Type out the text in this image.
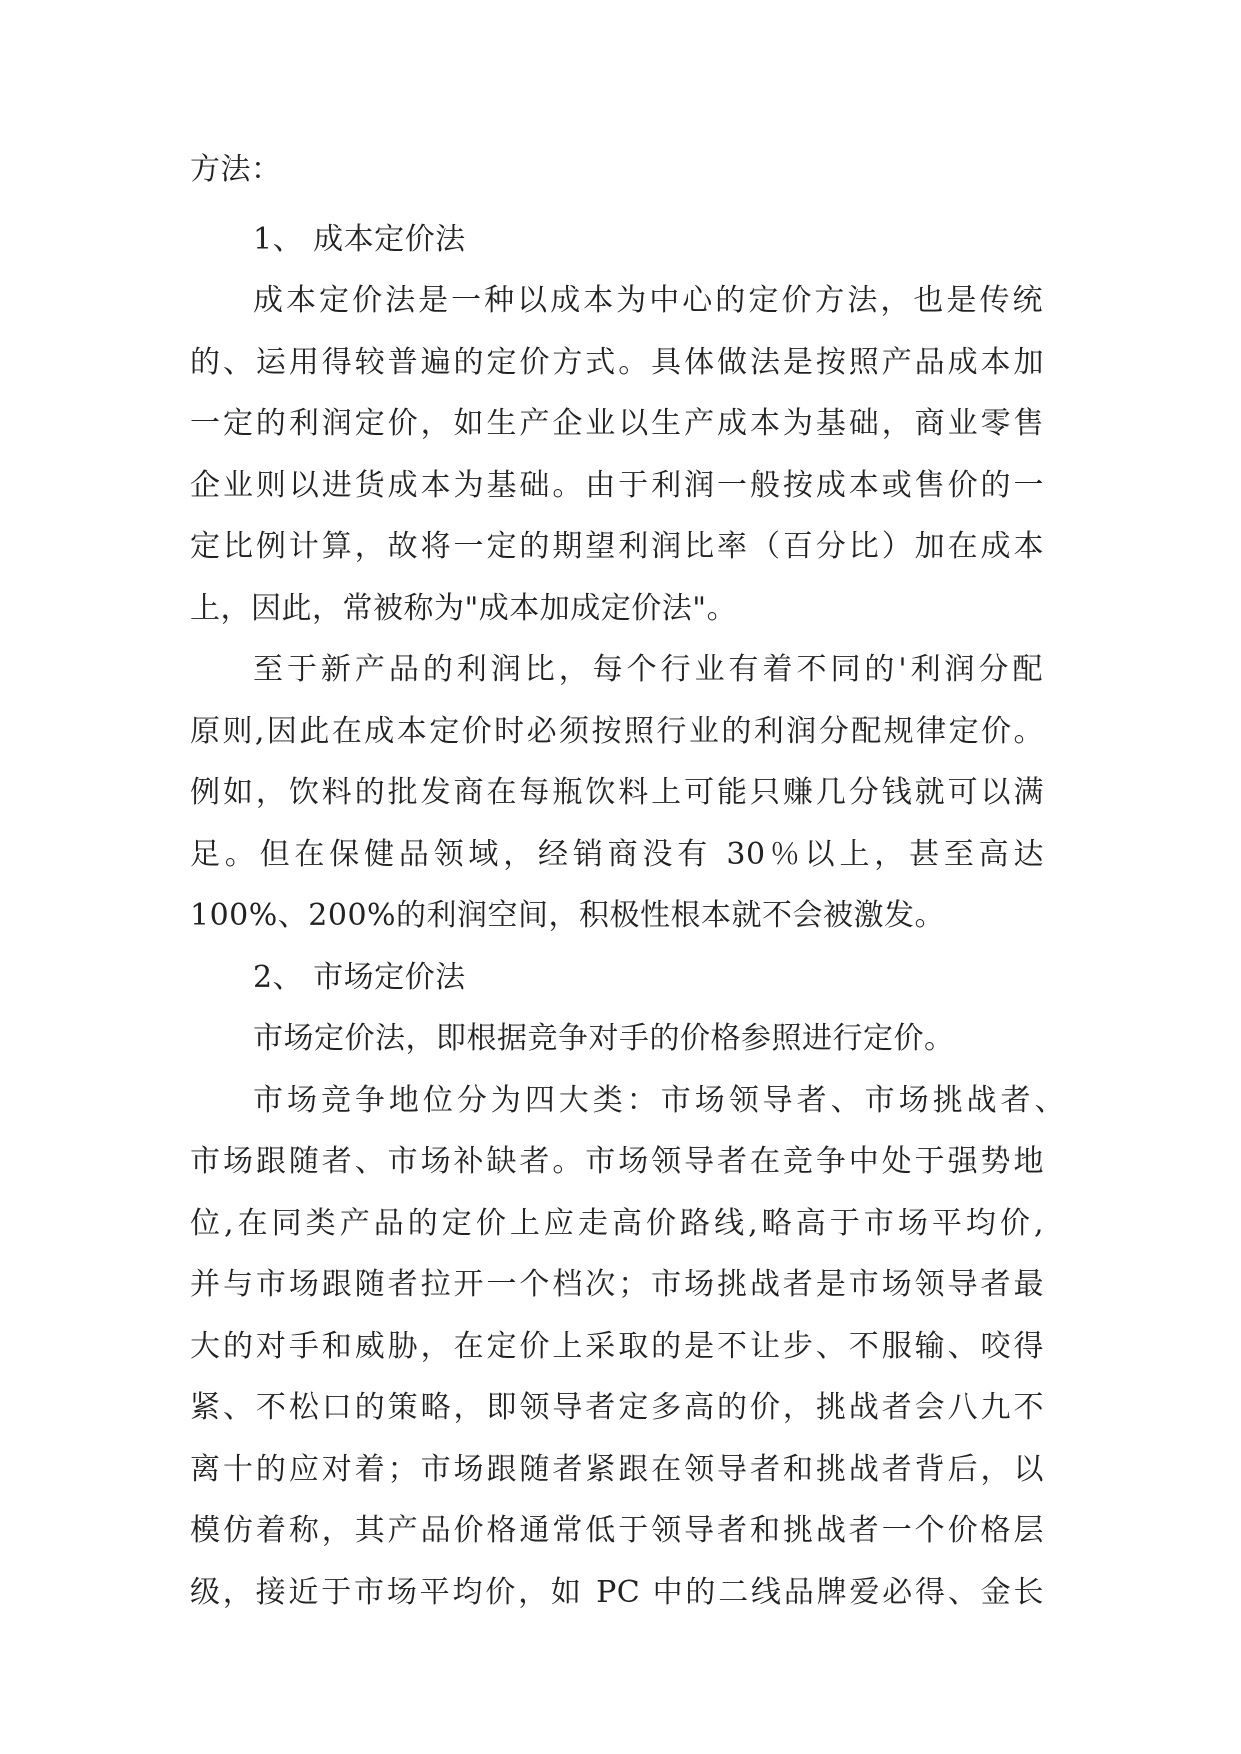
方法：
1、 成本定价法
成本定价法是一种以成本为中心的定价方法，也是传统
的、运用得较普遍的定价方式。具体做法是按照产品成本加
一定的利润定价，如生产企业以生产成本为基础，商业零售
企业则以进货成本为基础。由于利润一般按成本或售价的一
定比例计算，故将一定的期望利润比率（百分比）加在成本
上，因此，常被称为"成本加成定价法"。
至于新产品的利润比，每个行业有着不同的'利润分配
原则,因此在成本定价时必须按照行业的利润分配规律定价。
例如，饮料的批发商在每瓶饮料上可能只赚几分钱就可以满
足。但在保健品领域，经销商没有 30％以上，甚至高达
100%、200%的利润空间，积极性根本就不会被激发。
2、 市场定价法
市场定价法，即根据竞争对手的价格参照进行定价。
市场竞争地位分为四大类：市场领导者、市场挑战者、
市场跟随者、市场补缺者。市场领导者在竞争中处于强势地
位,在同类产品的定价上应走高价路线,略高于市场平均价,
并与市场跟随者拉开一个档次；市场挑战者是市场领导者最
大的对手和威胁，在定价上采取的是不让步、不服输、咬得
紧、不松口的策略，即领导者定多高的价，挑战者会八九不
离十的应对着；市场跟随者紧跟在领导者和挑战者背后，以
模仿着称，其产品价格通常低于领导者和挑战者一个价格层
级，接近于市场平均价，如 PC 中的二线品牌爱必得、金长
